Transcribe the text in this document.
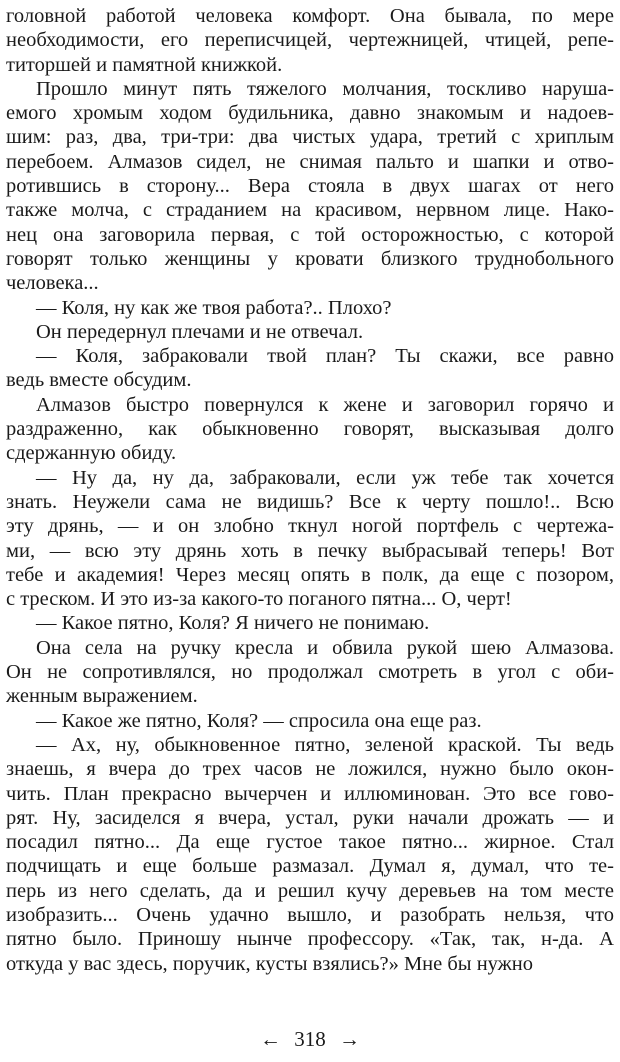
головной работой человека комфорт. Она бывала, по мере
необходимости, его переписчицей, чертежницей, чтицей, репе-
титоршей и памятной книжкой.
Прошло минут пять тяжелого молчания, тоскливо наруша-
емого хромым ходом будильника, давно знакомым и надоев-
шим: раз, два, три-три: два чистых удара, третий с хриплым
перебоем. Алмазов сидел, не снимая пальто и шапки и отво-
ротившись в сторону... Вера стояла в двух шагах от него
также молча, с страданием на красивом, нервном лице. Нако-
нец она заговорила первая, с той осторожностью, с которой
говорят только женщины у кровати близкого труднобольного
человека...
— Коля, ну как же твоя работа?.. Плохо?
Он передернул плечами и не отвечал.
— Коля, забраковали твой план? Ты скажи, все равно
ведь вместе обсудим.
Алмазов быстро повернулся к жене и заговорил горячо и
раздраженно, как обыкновенно говорят, высказывая долго
сдержанную обиду.
— Ну да, ну да, забраковали, если уж тебе так хочется
знать. Неужели сама не видишь? Все к черту пошло!.. Всю
эту дрянь, — и он злобно ткнул ногой портфель с чертежа-
ми, — всю эту дрянь хоть в печку выбрасывай теперь! Вот
тебе и академия! Через месяц опять в полк, да еще с позором,
с треском. И это из-за какого-то поганого пятна... О, черт!
— Какое пятно, Коля? Я ничего не понимаю.
Она села на ручку кресла и обвила рукой шею Алмазова.
Он не сопротивлялся, но продолжал смотреть в угол с оби-
женным выражением.
— Какое же пятно, Коля? — спросила она еще раз.
— Ах, ну, обыкновенное пятно, зеленой краской. Ты ведь
знаешь, я вчера до трех часов не ложился, нужно было окон-
чить. План прекрасно вычерчен и иллюминован. Это все гово-
рят. Ну, засиделся я вчера, устал, руки начали дрожать — и
посадил пятно... Да еще густое такое пятно... жирное. Стал
подчищать и еще больше размазал. Думал я, думал, что те-
перь из него сделать, да и решил кучу деревьев на том месте
изобразить... Очень удачно вышло, и разобрать нельзя, что
пятно было. Приношу нынче профессору. «Так, так, н-да. А
откуда у вас здесь, поручик, кусты взялись?» Мне бы нужно
← 318 →
